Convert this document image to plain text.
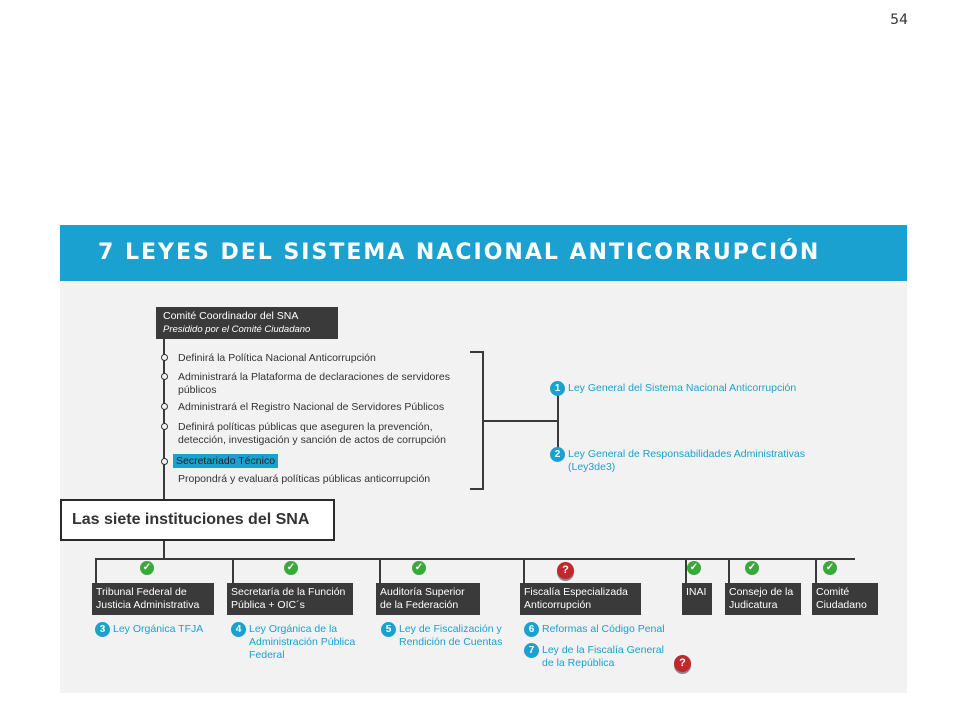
54
7 LEYES DEL SISTEMA NACIONAL ANTICORRUPCIÓN
Comité Coordinador del SNA
Presidido por el Comité Ciudadano
Definirá la Política Nacional Anticorrupción
Administrará la Plataforma de declaraciones de servidores
públicos
Administrará el Registro Nacional de Servidores Públicos
Definirá políticas públicas que aseguren la prevención,
detección, investigación y sanción de actos de corrupción
Secretariado Técnico
Propondrá y evaluará políticas públicas anticorrupción
1 Ley General del Sistema Nacional Anticorrupción
2 Ley General de Responsabilidades Administrativas
(Ley3de3)
Las siete instituciones del SNA
✓	✓	✓	?	✓	✓	✓
Tribunal Federal de
Justicia Administrativa
Secretaría de la Función
Pública + OIC´s
Auditoría Superior
de la Federación
Fiscalía Especializada
Anticorrupción
INAI Consejo de la
Judicatura
Comité
Ciudadano
3 Ley Orgánica TFJA	4 Ley Orgánica de la
Administración Pública
Federal
5 Ley de Fiscalización y
Rendición de Cuentas
6 Reformas al Código Penal
7 Ley de la Fiscalía General
de la República	?
